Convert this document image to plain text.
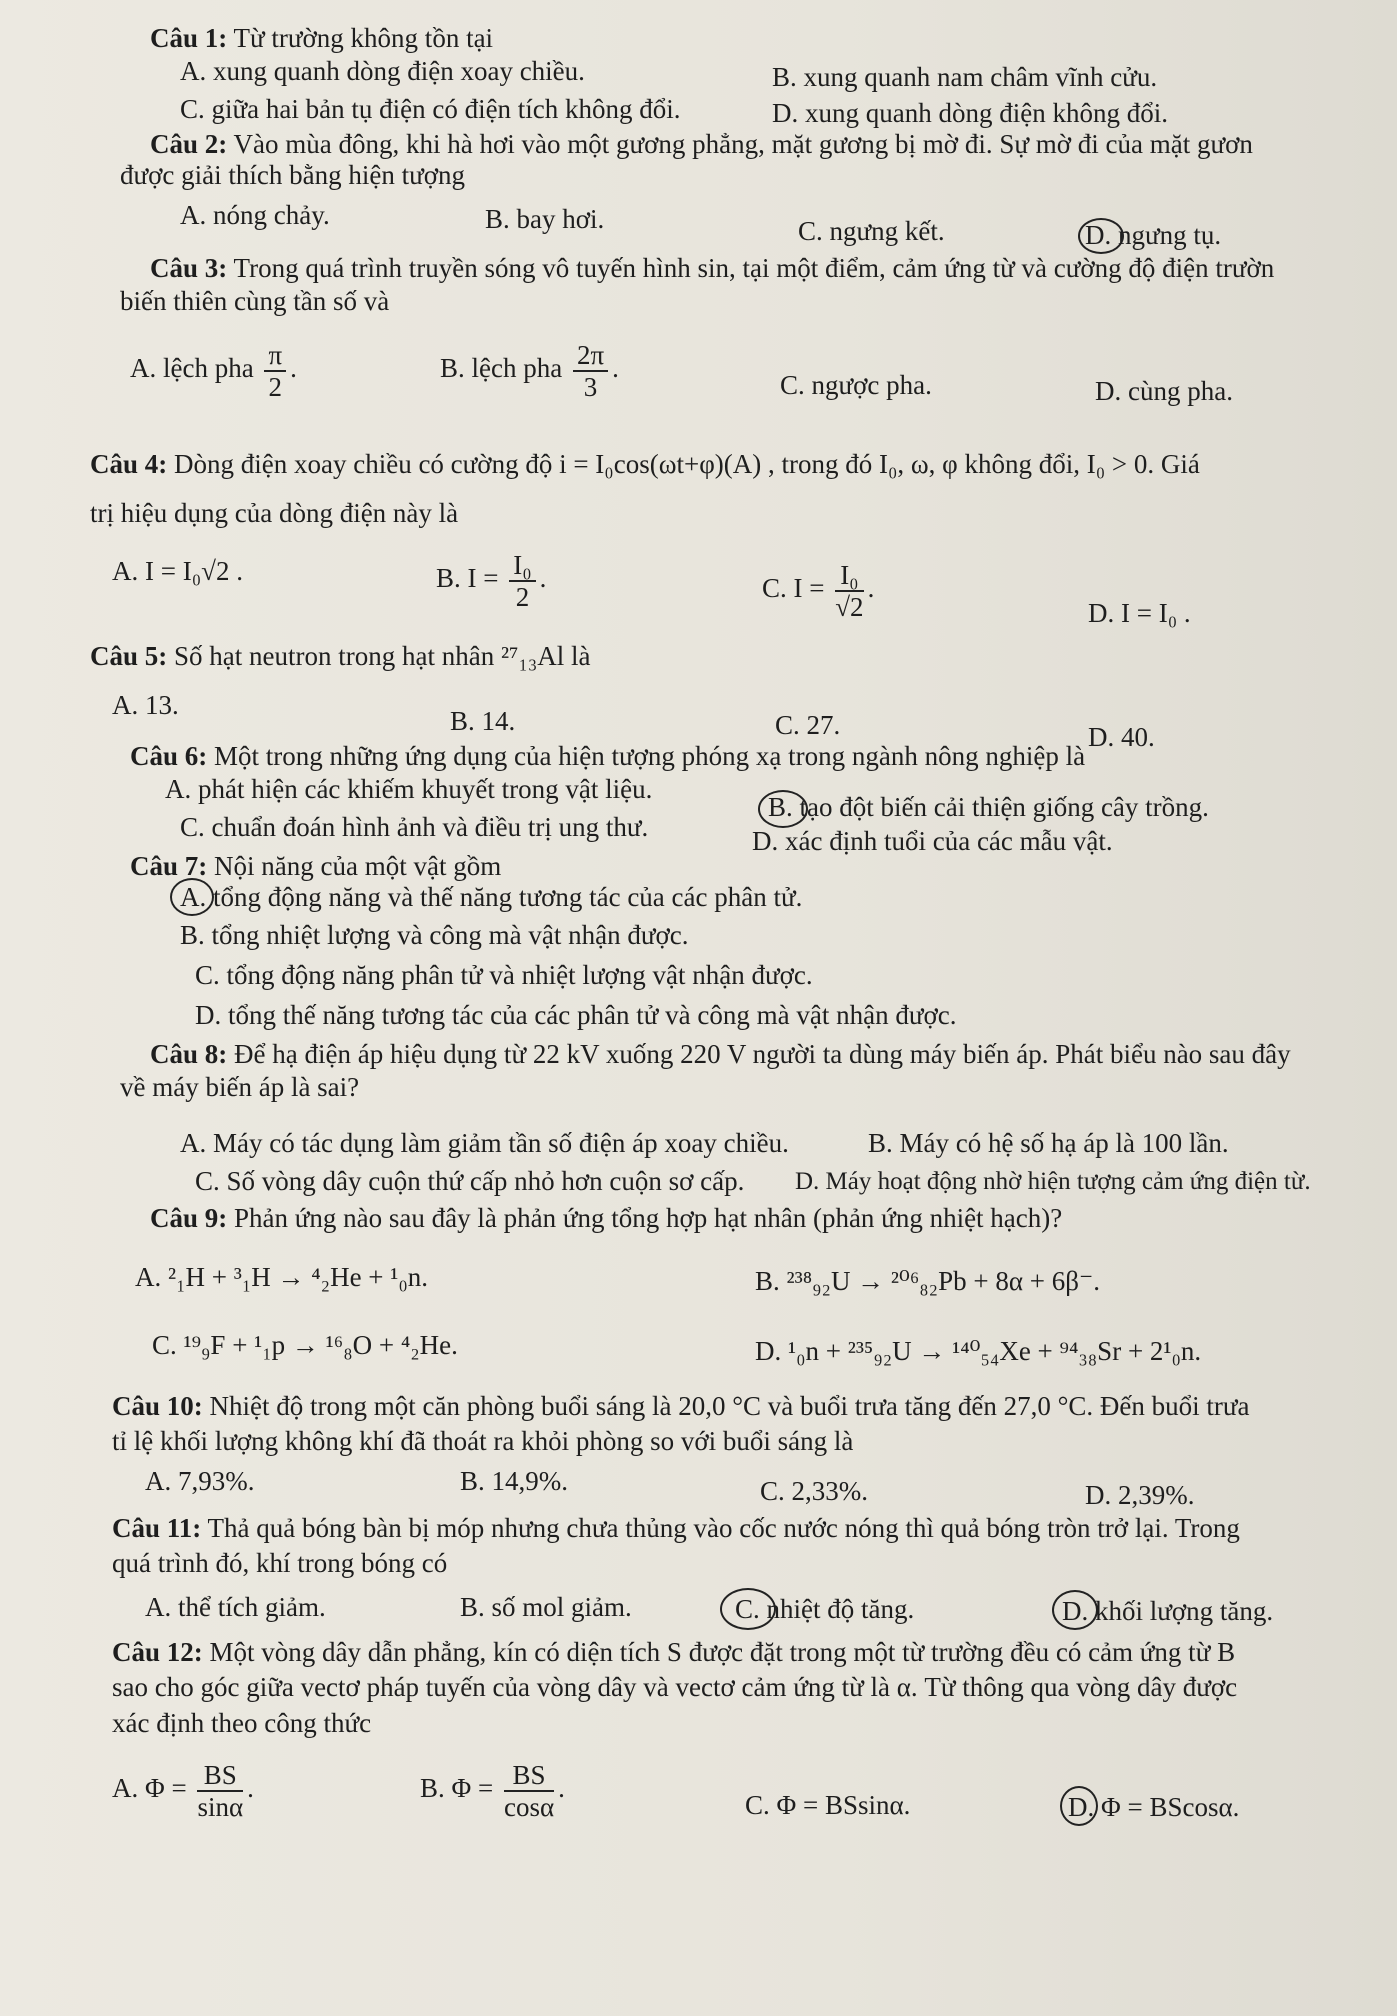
Câu 1: Từ trường không tồn tại
A. xung quanh dòng điện xoay chiều.	B. xung quanh nam châm vĩnh cửu.
C. giữa hai bản tụ điện có điện tích không đổi.	D. xung quanh dòng điện không đổi.
Câu 2: Vào mùa đông, khi hà hơi vào một gương phẳng, mặt gương bị mờ đi. Sự mờ đi của mặt gươn
được giải thích bằng hiện tượng
A. nóng chảy.	B. bay hơi.	C. ngưng kết.	D. ngưng tụ.
Câu 3: Trong quá trình truyền sóng vô tuyến hình sin, tại một điểm, cảm ứng từ và cường độ điện trườn
biến thiên cùng tần số và
A. lệch pha $\frac{\pi}{2}$ .	B. lệch pha $\frac{2\pi}{3}$ .
C. ngược pha.	D. cùng pha.
Câu 4: Dòng điện xoay chiều có cường độ i = I₀cos(ωt+φ)(A) , trong đó I₀, ω, φ không đổi, I₀ > 0. Giá
trị hiệu dụng của dòng điện này là
A. I = I₀√2 .	B. $I = \frac{\text{I₀}}{2}$ .	C. $I = \frac{\text{I₀}}{√2}$ .
D. I = I₀ .
Câu 5: Số hạt neutron trong hạt nhân ²⁷₁₃Al là
A. 13.
B. 14.	C. 27.	D. 40.
Câu 6: Một trong những ứng dụng của hiện tượng phóng xạ trong ngành nông nghiệp là
A. phát hiện các khiếm khuyết trong vật liệu.
B. tạo đột biến cải thiện giống cây trồng.
C. chuẩn đoán hình ảnh và điều trị ung thư.	D. xác định tuổi của các mẫu vật.
Câu 7: Nội năng của một vật gồm
A. tổng động năng và thế năng tương tác của các phân tử.
B. tổng nhiệt lượng và công mà vật nhận được.
C. tổng động năng phân tử và nhiệt lượng vật nhận được.
D. tổng thế năng tương tác của các phân tử và công mà vật nhận được.
Câu 8: Để hạ điện áp hiệu dụng từ 22 kV xuống 220 V người ta dùng máy biến áp. Phát biểu nào sau đây
về máy biến áp là sai?
A. Máy có tác dụng làm giảm tần số điện áp xoay chiều.	B. Máy có hệ số hạ áp là 100 lần.
C. Số vòng dây cuộn thứ cấp nhỏ hơn cuộn sơ cấp. D. Máy hoạt động nhờ hiện tượng cảm ứng điện từ.
Câu 9: Phản ứng nào sau đây là phản ứng tổng hợp hạt nhân (phản ứng nhiệt hạch)?
A. ²₁H + ³₁H → ⁴₂He + ¹₀n.	B. ²³⁸₉₂U → ²⁰⁶₈₂Pb + 8α + 6β⁻.
C. ¹⁹₉F + ¹₁p → ¹⁶₈O + ⁴₂He.	D. ¹₀n + ²³⁵₉₂U → ¹⁴⁰₅₄Xe + ⁹⁴₃₈Sr + 2¹₀n.
Câu 10: Nhiệt độ trong một căn phòng buổi sáng là 20,0 °C và buổi trưa tăng đến 27,0 °C. Đến buổi trưa
tỉ lệ khối lượng không khí đã thoát ra khỏi phòng so với buổi sáng là
A. 7,93%.	B. 14,9%.	C. 2,33%.	D. 2,39%.
Câu 11: Thả quả bóng bàn bị móp nhưng chưa thủng vào cốc nước nóng thì quả bóng tròn trở lại. Trong
quá trình đó, khí trong bóng có
A. thể tích giảm.	B. số mol giảm.	C. nhiệt độ tăng.	D. khối lượng tăng.
Câu 12: Một vòng dây dẫn phẳng, kín có diện tích S được đặt trong một từ trường đều có cảm ứng từ B
sao cho góc giữa vectơ pháp tuyến của vòng dây và vectơ cảm ứng từ là α. Từ thông qua vòng dây được
xác định theo công thức
A. $\Phi = \frac{BS}{\sin\alpha}$ .	B. $\Phi = \frac{BS}{\cos\alpha}$ .
C. Φ = BSsinα.	D. Φ = BScosα.
